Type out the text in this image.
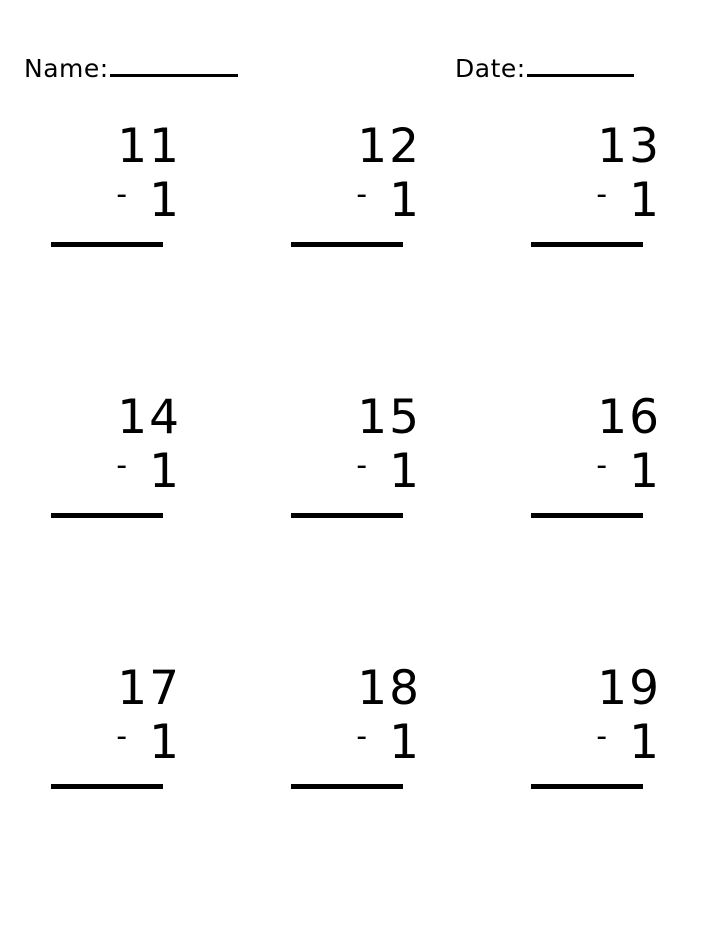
Name:	Date:
11
- 1
12
- 1
13
- 1
14
- 1
15
- 1
16
- 1
17
- 1
18
- 1
19
- 1
